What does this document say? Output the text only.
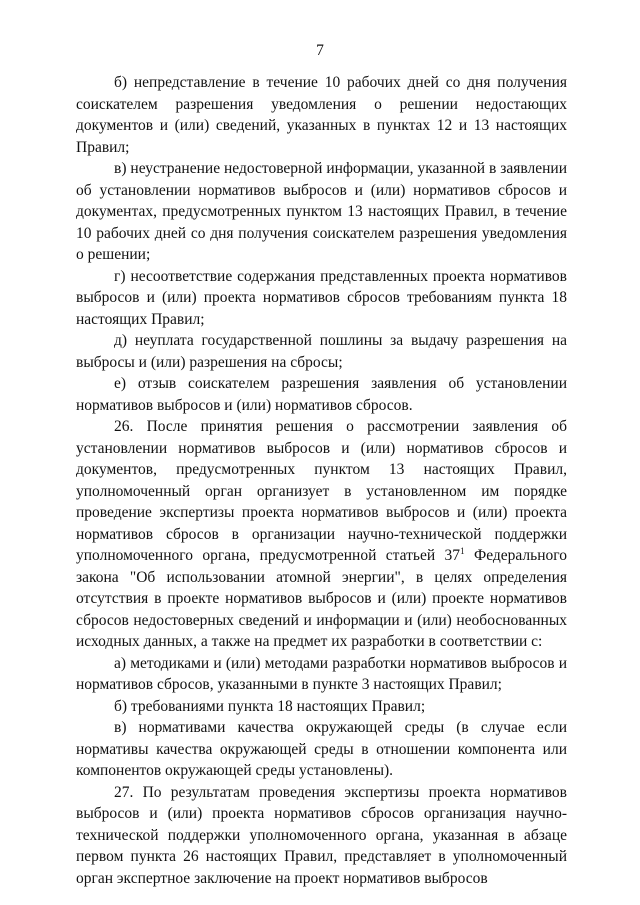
7

б) непредставление в течение 10 рабочих дней со дня получения соискателем разрешения уведомления о решении недостающих документов и (или) сведений, указанных в пунктах 12 и 13 настоящих Правил;

в) неустранение недостоверной информации, указанной в заявлении об установлении нормативов выбросов и (или) нормативов сбросов и документах, предусмотренных пунктом 13 настоящих Правил, в течение 10 рабочих дней со дня получения соискателем разрешения уведомления о решении;

г) несоответствие содержания представленных проекта нормативов выбросов и (или) проекта нормативов сбросов требованиям пункта 18 настоящих Правил;

д) неуплата государственной пошлины за выдачу разрешения на выбросы и (или) разрешения на сбросы;

е) отзыв соискателем разрешения заявления об установлении нормативов выбросов и (или) нормативов сбросов.

26. После принятия решения о рассмотрении заявления об установлении нормативов выбросов и (или) нормативов сбросов и документов, предусмотренных пунктом 13 настоящих Правил, уполномоченный орган организует в установленном им порядке проведение экспертизы проекта нормативов выбросов и (или) проекта нормативов сбросов в организации научно-технической поддержки уполномоченного органа, предусмотренной статьей $37^1$ Федерального закона "Об использовании атомной энергии", в целях определения отсутствия в проекте нормативов выбросов и (или) проекте нормативов сбросов недостоверных сведений и информации и (или) необоснованных исходных данных, а также на предмет их разработки в соответствии с:

а) методиками и (или) методами разработки нормативов выбросов и нормативов сбросов, указанными в пункте 3 настоящих Правил;

б) требованиями пункта 18 настоящих Правил;

в) нормативами качества окружающей среды (в случае если нормативы качества окружающей среды в отношении компонента или компонентов окружающей среды установлены).

27. По результатам проведения экспертизы проекта нормативов выбросов и (или) проекта нормативов сбросов организация научно-технической поддержки уполномоченного органа, указанная в абзаце первом пункта 26 настоящих Правил, представляет в уполномоченный орган экспертное заключение на проект нормативов выбросов
